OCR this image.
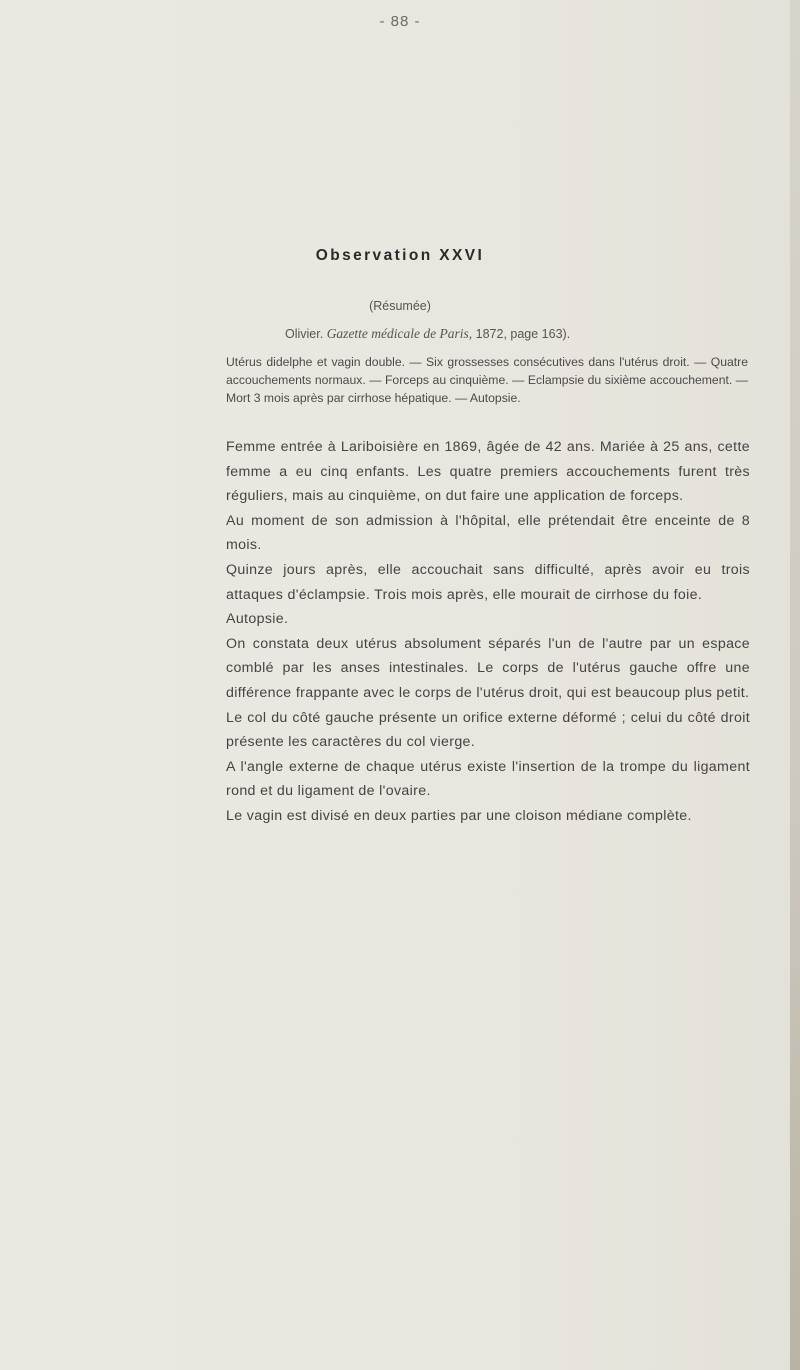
- 88 -
Observation XXVI
(Résumée)
Olivier. Gazette médicale de Paris, 1872, page 163).
Utérus didelphe et vagin double. — Six grossesses consécutives dans l'utérus droit. — Quatre accouchements normaux. — Forceps au cinquième. — Eclampsie du sixième accouchement. — Mort 3 mois après par cirrhose hépatique. — Autopsie.

Femme entrée à Lariboisière en 1869, âgée de 42 ans. Mariée à 25 ans, cette femme a eu cinq enfants. Les quatre premiers accouchements furent très réguliers, mais au cinquième, on dut faire une application de forceps.

Au moment de son admission à l'hôpital, elle prétendait être enceinte de 8 mois.

Quinze jours après, elle accouchait sans difficulté, après avoir eu trois attaques d'éclampsie. Trois mois après, elle mourait de cirrhose du foie.

Autopsie.

On constata deux utérus absolument séparés l'un de l'autre par un espace comblé par les anses intestinales. Le corps de l'utérus gauche offre une différence frappante avec le corps de l'utérus droit, qui est beaucoup plus petit.

Le col du côté gauche présente un orifice externe déformé ; celui du côté droit présente les caractères du col vierge.

A l'angle externe de chaque utérus existe l'insertion de la trompe du ligament rond et du ligament de l'ovaire.

Le vagin est divisé en deux parties par une cloison médiane complète.
